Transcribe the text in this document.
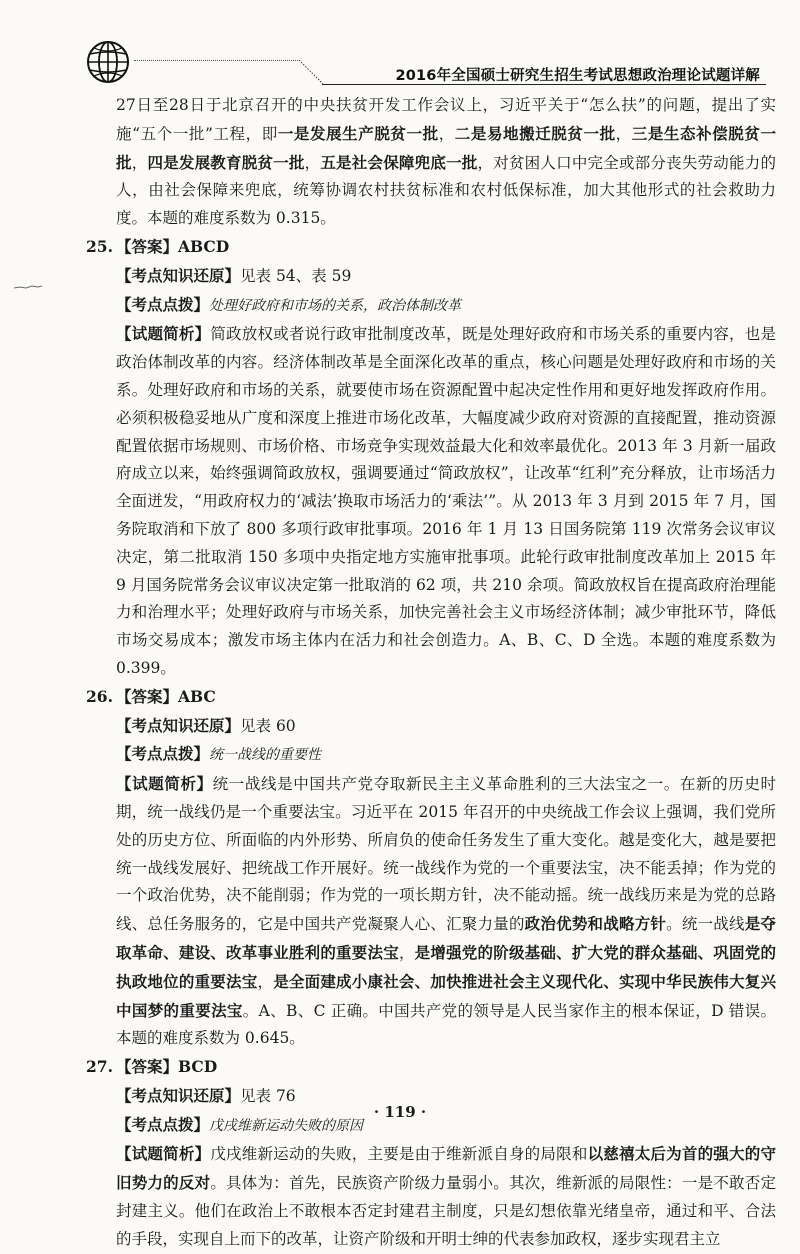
2016年全国硕士研究生招生考试思想政治理论试题详解

27日至28日于北京召开的中央扶贫开发工作会议上，习近平关于“怎么扶”的问题，提出了实施“五个一批”工程，即一是发展生产脱贫一批，二是易地搬迁脱贫一批，三是生态补偿脱贫一批，四是发展教育脱贫一批，五是社会保障兜底一批，对贫困人口中完全或部分丧失劳动能力的人，由社会保障来兜底，统筹协调农村扶贫标准和农村低保标准，加大其他形式的社会救助力度。本题的难度系数为 0.315。

25. 【答案】ABCD

【考点知识还原】见表 54、表 59

【考点点拨】处理好政府和市场的关系，政治体制改革

【试题简析】简政放权或者说行政审批制度改革，既是处理好政府和市场关系的重要内容，也是政治体制改革的内容。经济体制改革是全面深化改革的重点，核心问题是处理好政府和市场的关系。处理好政府和市场的关系，就要使市场在资源配置中起决定性作用和更好地发挥政府作用。必须积极稳妥地从广度和深度上推进市场化改革，大幅度减少政府对资源的直接配置，推动资源配置依据市场规则、市场价格、市场竞争实现效益最大化和效率最优化。2013 年 3 月新一届政府成立以来，始终强调简政放权，强调要通过“简政放权”，让改革“红利”充分释放，让市场活力全面迸发，“用政府权力的‘减法’换取市场活力的‘乘法’”。从 2013 年 3 月到 2015 年 7 月，国务院取消和下放了 800 多项行政审批事项。2016 年 1 月 13 日国务院第 119 次常务会议审议决定，第二批取消 150 多项中央指定地方实施审批事项。此轮行政审批制度改革加上 2015 年 9 月国务院常务会议审议决定第一批取消的 62 项，共 210 余项。简政放权旨在提高政府治理能力和治理水平；处理好政府与市场关系，加快完善社会主义市场经济体制；减少审批环节，降低市场交易成本；激发市场主体内在活力和社会创造力。A、B、C、D 全选。本题的难度系数为 0.399。

26. 【答案】ABC

【考点知识还原】见表 60

【考点点拨】统一战线的重要性

【试题简析】统一战线是中国共产党夺取新民主主义革命胜利的三大法宝之一。在新的历史时期，统一战线仍是一个重要法宝。习近平在 2015 年召开的中央统战工作会议上强调，我们党所处的历史方位、所面临的内外形势、所肩负的使命任务发生了重大变化。越是变化大，越是要把统一战线发展好、把统战工作开展好。统一战线作为党的一个重要法宝，决不能丢掉；作为党的一个政治优势，决不能削弱；作为党的一项长期方针，决不能动摇。统一战线历来是为党的总路线、总任务服务的，它是中国共产党凝聚人心、汇聚力量的政治优势和战略方针。统一战线是夺取革命、建设、改革事业胜利的重要法宝，是增强党的阶级基础、扩大党的群众基础、巩固党的执政地位的重要法宝，是全面建成小康社会、加快推进社会主义现代化、实现中华民族伟大复兴中国梦的重要法宝。A、B、C 正确。中国共产党的领导是人民当家作主的根本保证，D 错误。本题的难度系数为 0.645。

27. 【答案】BCD

【考点知识还原】见表 76

【考点点拨】戊戌维新运动失败的原因

【试题简析】戊戌维新运动的失败，主要是由于维新派自身的局限和以慈禧太后为首的强大的守旧势力的反对。具体为：首先，民族资产阶级力量弱小。其次，维新派的局限性：一是不敢否定封建主义。他们在政治上不敢根本否定封建君主制度，只是幻想依靠光绪皇帝，通过和平、合法的手段，实现自上而下的改革，让资产阶级和开明士绅的代表参加政权，逐步实现君主立

· 119 ·
